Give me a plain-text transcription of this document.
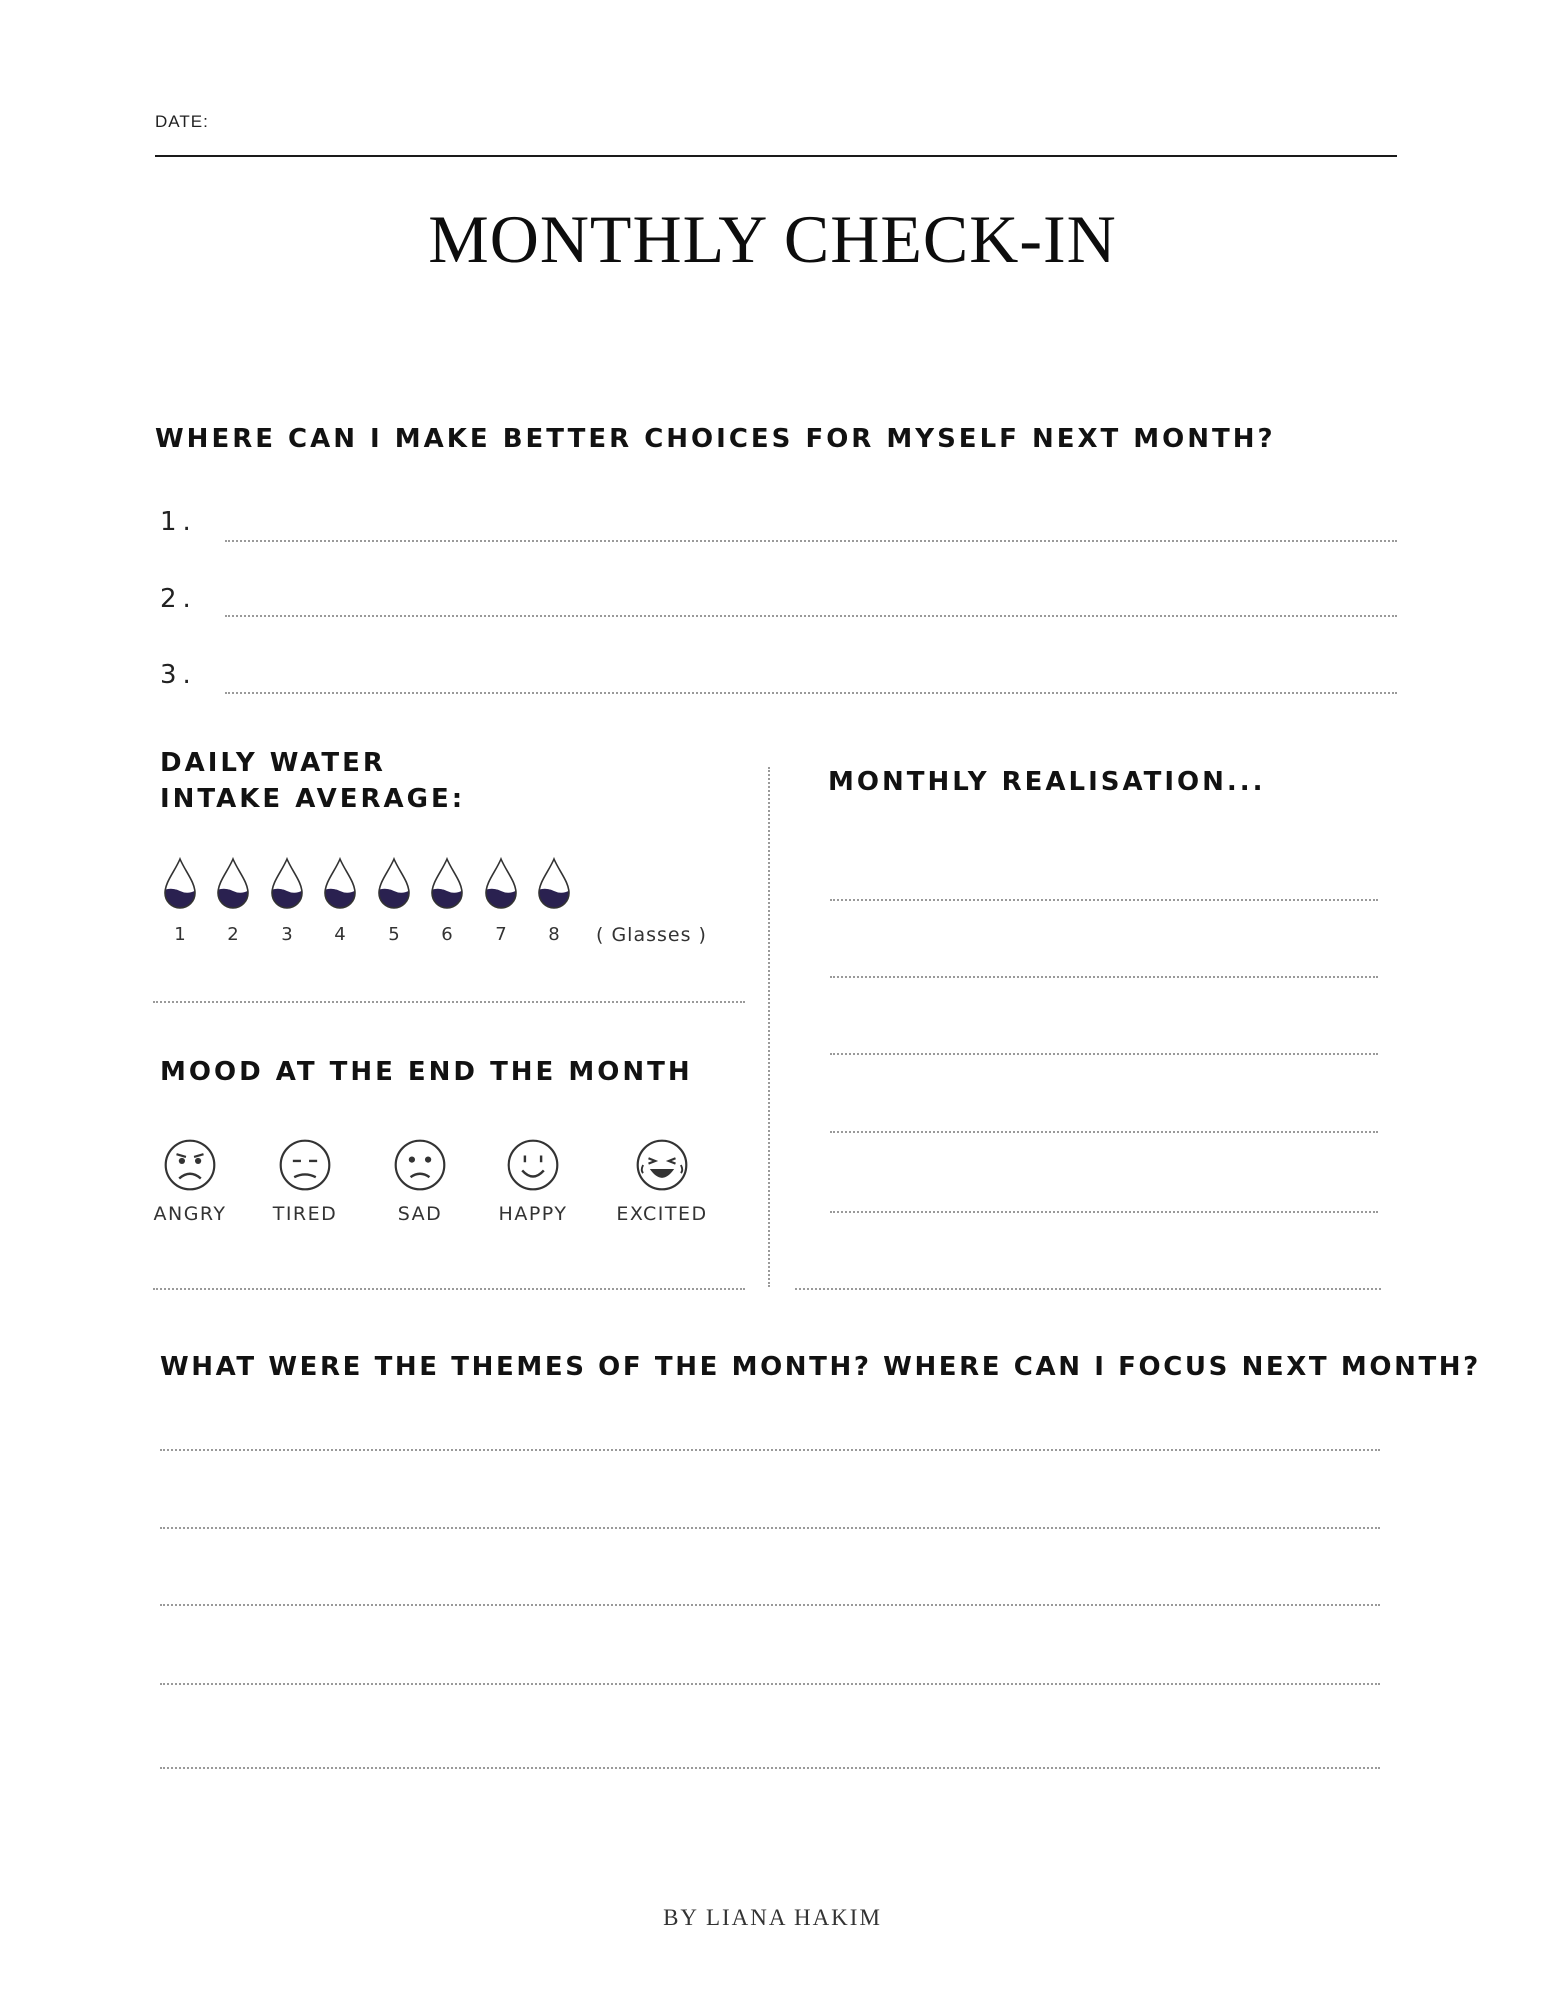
DATE:
MONTHLY CHECK-IN
WHERE CAN I MAKE BETTER CHOICES FOR MYSELF NEXT MONTH?
1.
2.
3.
DAILY WATER
INTAKE AVERAGE:
1	2	3	4	5	6	7	8	( Glasses )
MOOD AT THE END THE MONTH
ANGRY	TIRED	SAD	HAPPY	EXCITED
MONTHLY REALISATION...
WHAT WERE THE THEMES OF THE MONTH? WHERE CAN I FOCUS NEXT MONTH?
BY LIANA HAKIM
